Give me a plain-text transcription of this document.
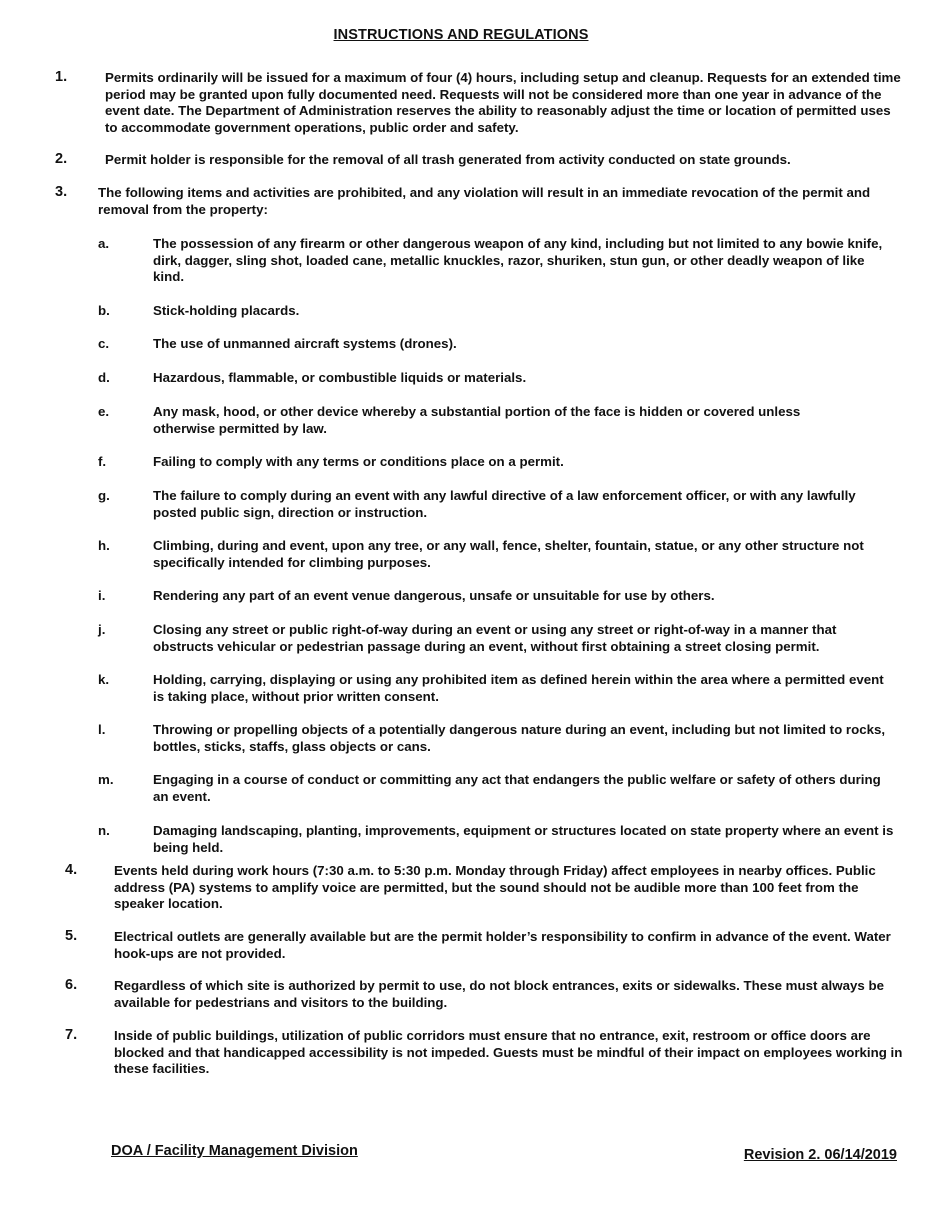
INSTRUCTIONS AND REGULATIONS
1.	Permits ordinarily will be issued for a maximum of four (4) hours, including setup and cleanup. Requests for an extended time period may be granted upon fully documented need. Requests will not be considered more than one year in advance of the event date. The Department of Administration reserves the ability to reasonably adjust the time or location of permitted uses to accommodate government operations, public order and safety.
2.	Permit holder is responsible for the removal of all trash generated from activity conducted on state grounds.
3. The following items and activities are prohibited, and any violation will result in an immediate revocation of the permit and removal from the property:
a.	The possession of any firearm or other dangerous weapon of any kind, including but not limited to any bowie knife, dirk, dagger, sling shot, loaded cane, metallic knuckles, razor, shuriken, stun gun, or other deadly weapon of like kind.
b.	Stick-holding placards.
c.	The use of unmanned aircraft systems (drones).
d.	Hazardous, flammable, or combustible liquids or materials.
e.	Any mask, hood, or other device whereby a substantial portion of the face is hidden or covered unless otherwise permitted by law.
f.	Failing to comply with any terms or conditions place on a permit.
g.	The failure to comply during an event with any lawful directive of a law enforcement officer, or with any lawfully posted public sign, direction or instruction.
h.	Climbing, during and event, upon any tree, or any wall, fence, shelter, fountain, statue, or any other structure not specifically intended for climbing purposes.
i.	Rendering any part of an event venue dangerous, unsafe or unsuitable for use by others.
j.	Closing any street or public right-of-way during an event or using any street or right-of-way in a manner that obstructs vehicular or pedestrian passage during an event, without first obtaining a street closing permit.
k.	Holding, carrying, displaying or using any prohibited item as defined herein within the area where a permitted event is taking place, without prior written consent.
l.	Throwing or propelling objects of a potentially dangerous nature during an event, including but not limited to rocks, bottles, sticks, staffs, glass objects or cans.
m.	Engaging in a course of conduct or committing any act that endangers the public welfare or safety of others during an event.
n.	Damaging landscaping, planting, improvements, equipment or structures located on state property where an event is being held.
4.	Events held during work hours (7:30 a.m. to 5:30 p.m. Monday through Friday) affect employees in nearby offices. Public address (PA) systems to amplify voice are permitted, but the sound should not be audible more than 100 feet from the speaker location.
5.	Electrical outlets are generally available but are the permit holder’s responsibility to confirm in advance of the event. Water hook-ups are not provided.
6.	Regardless of which site is authorized by permit to use, do not block entrances, exits or sidewalks. These must always be available for pedestrians and visitors to the building.
7.	Inside of public buildings, utilization of public corridors must ensure that no entrance, exit, restroom or office doors are blocked and that handicapped accessibility is not impeded. Guests must be mindful of their impact on employees working in these facilities.
DOA / Facility Management Division	Revision 2. 06/14/2019
